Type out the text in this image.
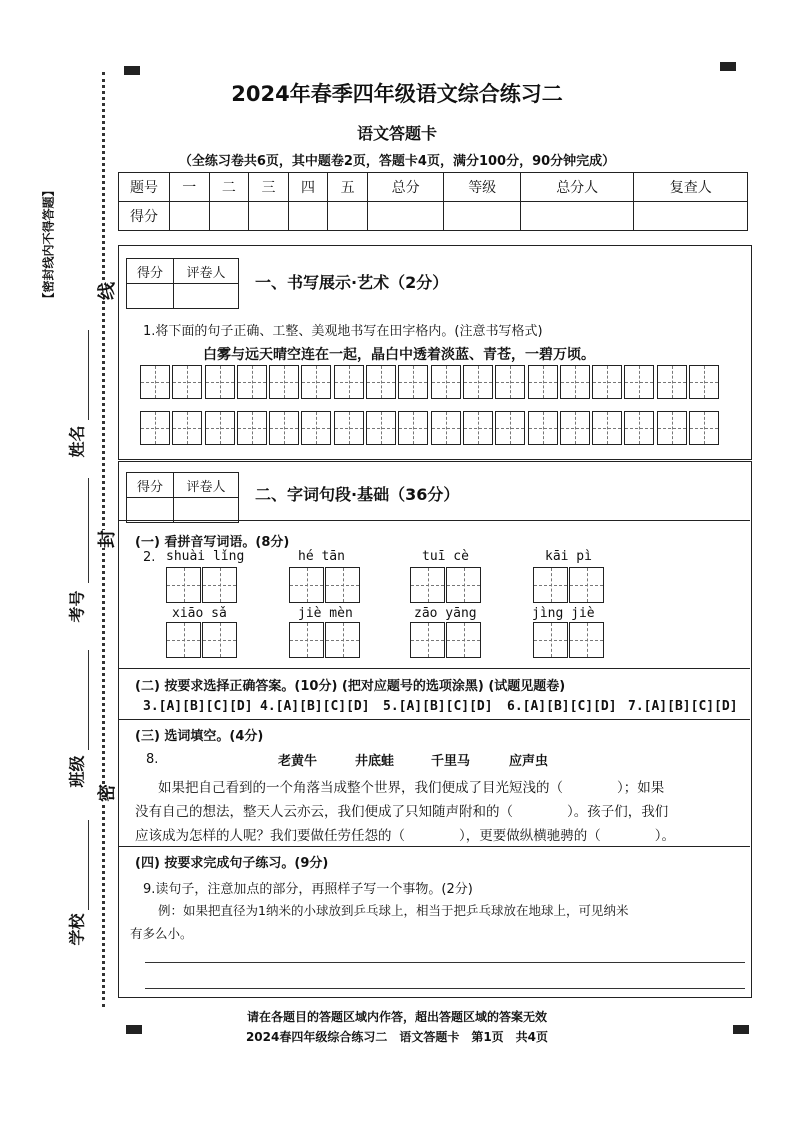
2024年春季四年级语文综合练习二
语文答题卡
（全练习卷共6页，其中题卷2页，答题卡4页，满分100分，90分钟完成）
题号	一	二	三	四	五	总分	等级	总分人	复查人
得分									
【密封线内不得答题】 线
封
密
姓名
考号
班级
学校
得分	评卷人
	一、书写展示·艺术（2分）
1.将下面的句子正确、工整、美观地书写在田字格内。(注意书写格式)
白雾与远天晴空连在一起，晶白中透着淡蓝、青苍，一碧万顷。
得分	评卷人
	二、字词句段·基础（36分）
(一) 看拼音写词语。(8分)
2. shuài lǐng	hé tān	tuī cè	kāi pì
xiāo sǎ	jiè mèn	zāo yāng	jìng jiè
(二) 按要求选择正确答案。(10分) (把对应题号的选项涂黑) (试题见题卷)
3.[A][B][C][D] 4.[A][B][C][D] 5.[A][B][C][D] 6.[A][B][C][D] 7.[A][B][C][D]
(三) 选词填空。(4分)
8.	老黄牛	井底蛙	千里马	应声虫
如果把自己看到的一个角落当成整个世界，我们便成了目光短浅的（　　　　）；如果
没有自己的想法，整天人云亦云，我们便成了只知随声附和的（　　　　）。孩子们，我们
应该成为怎样的人呢？我们要做任劳任怨的（　　　　），更要做纵横驰骋的（　　　　）。
(四) 按要求完成句子练习。(9分)
9.读句子，注意加点的部分，再照样子写一个事物。(2分)
例：如果把直径为1纳米的小球放到乒乓球上，相当于把乒乓球放在地球上，可见纳米
有多么小。
请在各题目的答题区域内作答，超出答题区域的答案无效
2024春四年级综合练习二　语文答题卡　第1页　共4页
